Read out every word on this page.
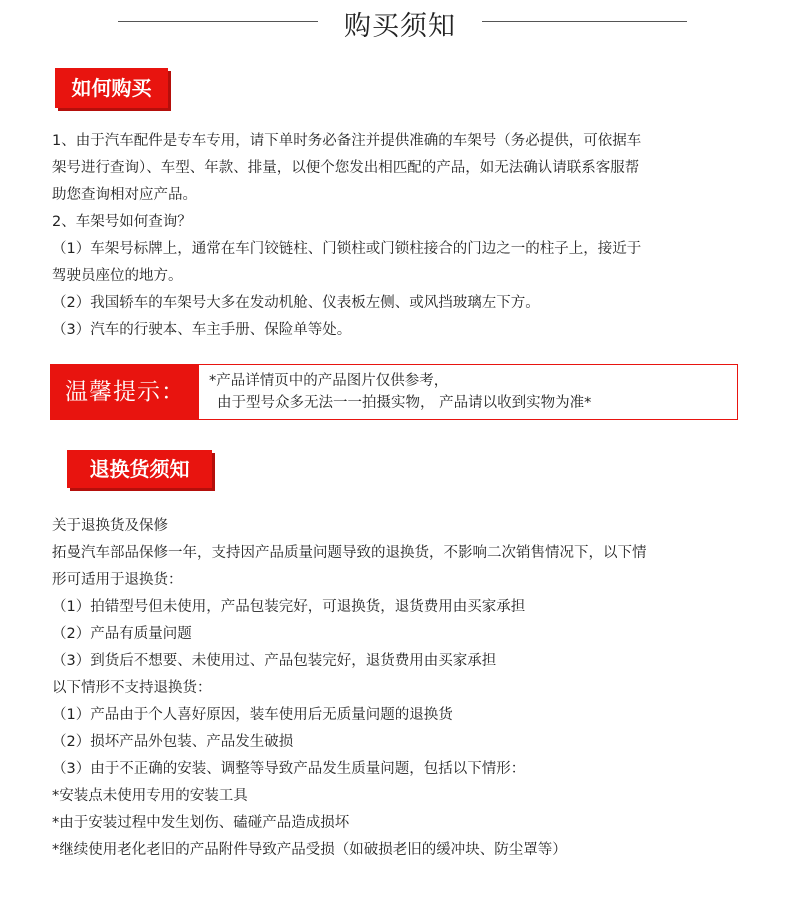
购买须知
如何购买

1、由于汽车配件是专车专用，请下单时务必备注并提供准确的车架号（务必提供，可依据车

架号进行查询）、车型、年款、排量，以便个您发出相匹配的产品，如无法确认请联系客服帮

助您查询相对应产品。

2、车架号如何查询？

（1）车架号标牌上，通常在车门铰链柱、门锁柱或门锁柱接合的门边之一的柱子上，接近于

驾驶员座位的地方。

（2）我国轿车的车架号大多在发动机舱、仪表板左侧、或风挡玻璃左下方。

（3）汽车的行驶本、车主手册、保险单等处。

温馨提示：	*产品详情页中的产品图片仅供参考，

由于型号众多无法一一拍摄实物， 产品请以收到实物为准*

退换货须知

关于退换货及保修

拓曼汽车部品保修一年，支持因产品质量问题导致的退换货，不影响二次销售情况下，以下情

形可适用于退换货：

（1）拍错型号但未使用，产品包装完好，可退换货，退货费用由买家承担

（2）产品有质量问题

（3）到货后不想要、未使用过、产品包装完好，退货费用由买家承担

以下情形不支持退换货：

（1）产品由于个人喜好原因，装车使用后无质量问题的退换货

（2）损坏产品外包装、产品发生破损

（3）由于不正确的安装、调整等导致产品发生质量问题，包括以下情形：

*安装点未使用专用的安装工具

*由于安装过程中发生划伤、磕碰产品造成损坏

*继续使用老化老旧的产品附件导致产品受损（如破损老旧的缓冲块、防尘罩等）
